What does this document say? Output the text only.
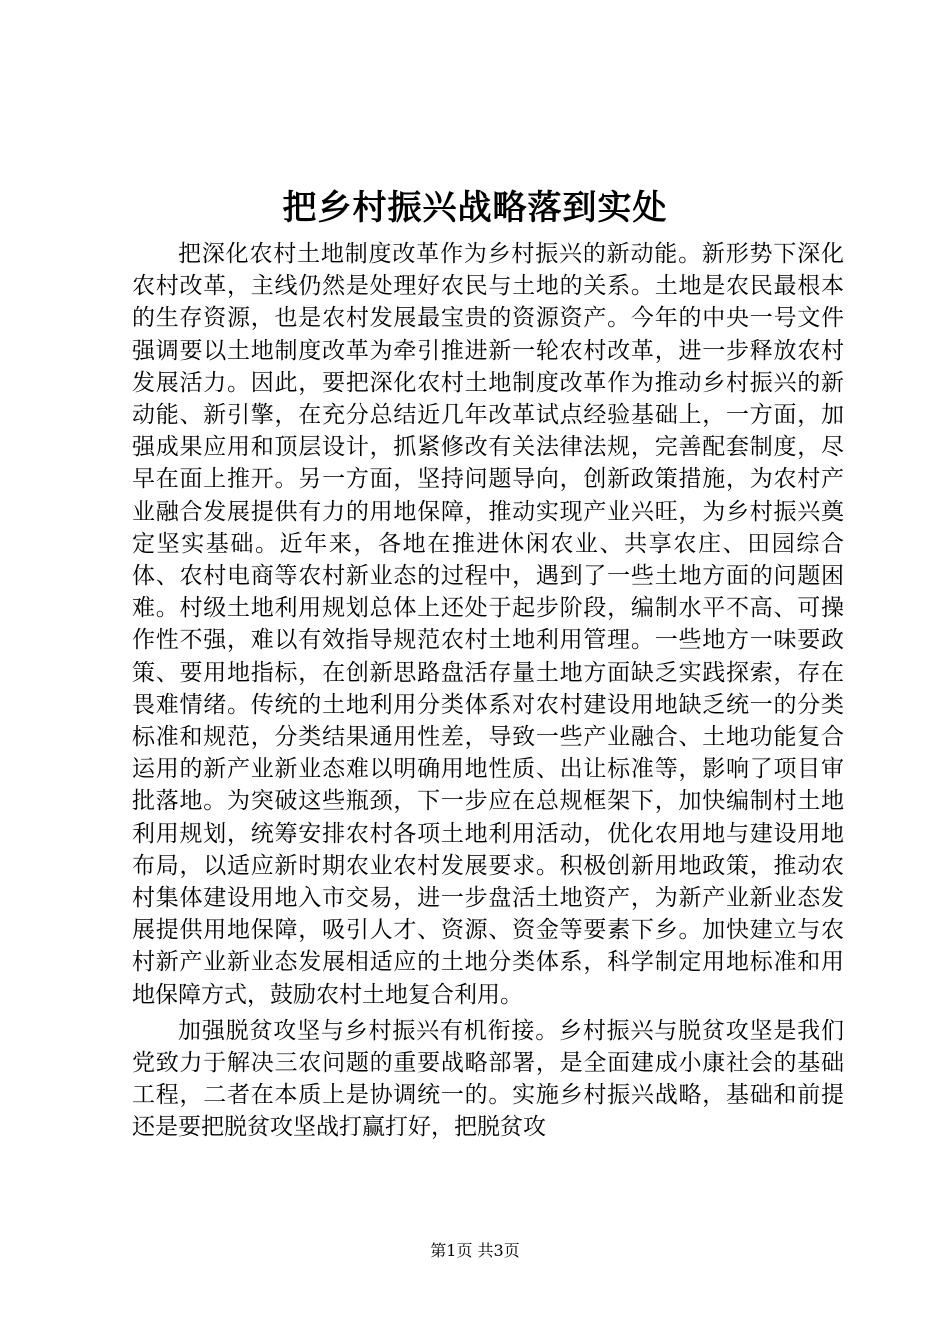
把乡村振兴战略落到实处

把深化农村土地制度改革作为乡村振兴的新动能。新形势下深化农村改革，主线仍然是处理好农民与土地的关系。土地是农民最根本的生存资源，也是农村发展最宝贵的资源资产。今年的中央一号文件强调要以土地制度改革为牵引推进新一轮农村改革，进一步释放农村发展活力。因此，要把深化农村土地制度改革作为推动乡村振兴的新动能、新引擎，在充分总结近几年改革试点经验基础上，一方面，加强成果应用和顶层设计，抓紧修改有关法律法规，完善配套制度，尽早在面上推开。另一方面，坚持问题导向，创新政策措施，为农村产业融合发展提供有力的用地保障，推动实现产业兴旺，为乡村振兴奠定坚实基础。近年来，各地在推进休闲农业、共享农庄、田园综合体、农村电商等农村新业态的过程中，遇到了一些土地方面的问题困难。村级土地利用规划总体上还处于起步阶段，编制水平不高、可操作性不强，难以有效指导规范农村土地利用管理。一些地方一味要政策、要用地指标，在创新思路盘活存量土地方面缺乏实践探索，存在畏难情绪。传统的土地利用分类体系对农村建设用地缺乏统一的分类标准和规范，分类结果通用性差，导致一些产业融合、土地功能复合运用的新产业新业态难以明确用地性质、出让标准等，影响了项目审批落地。为突破这些瓶颈，下一步应在总规框架下，加快编制村土地利用规划，统筹安排农村各项土地利用活动，优化农用地与建设用地布局，以适应新时期农业农村发展要求。积极创新用地政策，推动农村集体建设用地入市交易，进一步盘活土地资产，为新产业新业态发展提供用地保障，吸引人才、资源、资金等要素下乡。加快建立与农村新产业新业态发展相适应的土地分类体系，科学制定用地标准和用地保障方式，鼓励农村土地复合利用。

加强脱贫攻坚与乡村振兴有机衔接。乡村振兴与脱贫攻坚是我们党致力于解决三农问题的重要战略部署，是全面建成小康社会的基础工程，二者在本质上是协调统一的。实施乡村振兴战略，基础和前提还是要把脱贫攻坚战打赢打好，把脱贫攻

第1页 共3页
